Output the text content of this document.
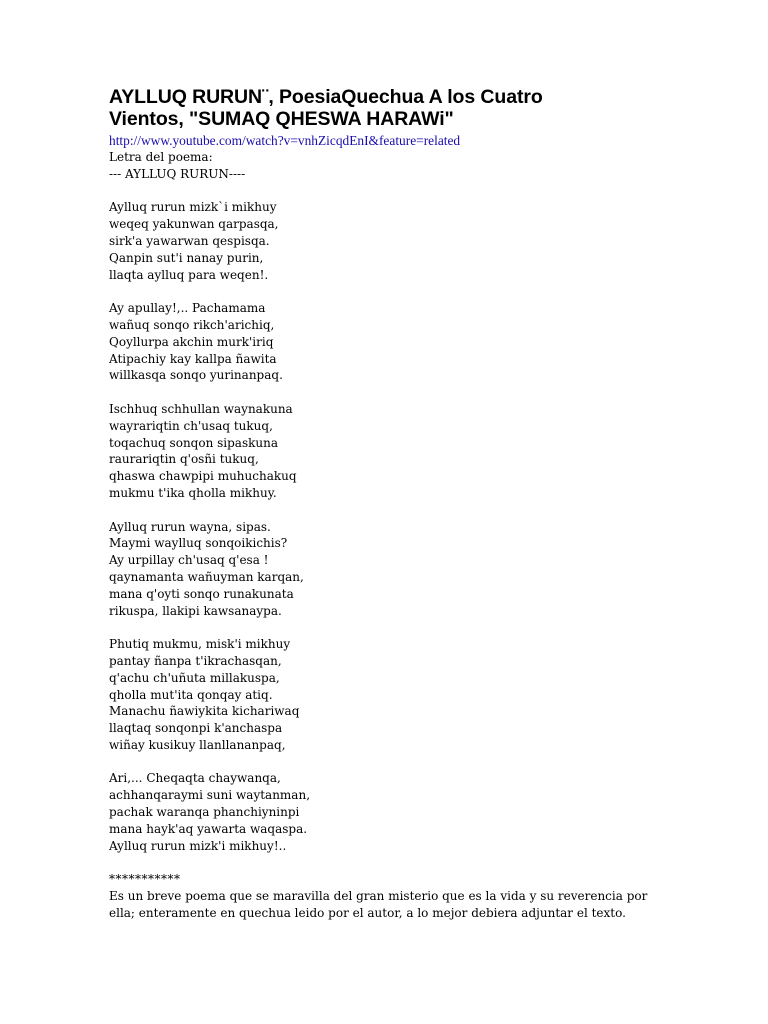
AYLLUQ RURUN¨, PoesiaQuechua A los Cuatro
Vientos, "SUMAQ QHESWA HARAWi"
http://www.youtube.com/watch?v=vnhZicqdEnI&feature=related
Letra del poema:
--- AYLLUQ RURUN----
Aylluq rurun mizk`i mikhuy
weqeq yakunwan qarpasqa,
sirk'a yawarwan qespisqa.
Qanpin sut'i nanay purin,
llaqta aylluq para weqen!.
Ay apullay!,.. Pachamama
wañuq sonqo rikch'arichiq,
Qoyllurpa akchin murk'iriq
Atipachiy kay kallpa ñawita
willkasqa sonqo yurinanpaq.
Ischhuq schhullan waynakuna
wayrariqtin ch'usaq tukuq,
toqachuq sonqon sipaskuna
raurariqtin q'osñi tukuq,
qhaswa chawpipi muhuchakuq
mukmu t'ika qholla mikhuy.
Aylluq rurun wayna, sipas.
Maymi waylluq sonqoikichis?
Ay urpillay ch'usaq q'esa !
qaynamanta wañuyman karqan,
mana q'oyti sonqo runakunata
rikuspa, llakipi kawsanaypa.
Phutiq mukmu, misk'i mikhuy
pantay ñanpa t'ikrachasqan,
q'achu ch'uñuta millakuspa,
qholla mut'ita qonqay atiq.
Manachu ñawiykita kichariwaq
llaqtaq sonqonpi k'anchaspa
wiñay kusikuy llanllananpaq,
Ari,... Cheqaqta chaywanqa,
achhanqaraymi suni waytanman,
pachak waranqa phanchiyninpi
mana hayk'aq yawarta waqaspa.
Aylluq rurun mizk'i mikhuy!..
***********
Es un breve poema que se maravilla del gran misterio que es la vida y su reverencia por ella; enteramente en quechua leido por el autor, a lo mejor debiera adjuntar el texto.
